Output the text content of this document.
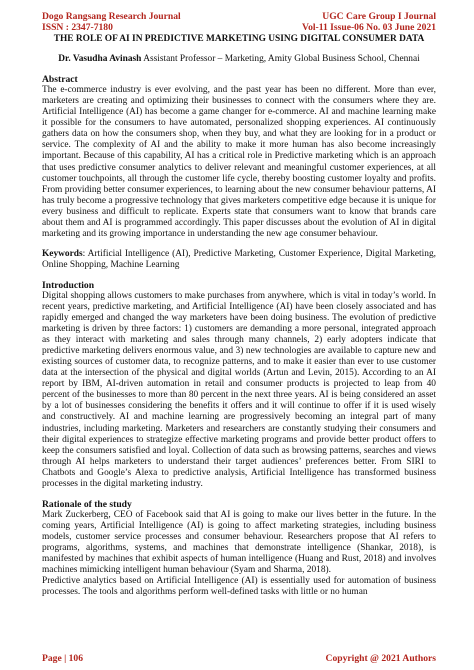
Dogo Rangsang Research Journal
ISSN : 2347-7180
UGC Care Group I Journal
Vol-11 Issue-06 No. 03 June 2021
THE ROLE OF AI IN PREDICTIVE MARKETING USING DIGITAL CONSUMER DATA
Dr. Vasudha Avinash Assistant Professor – Marketing, Amity Global Business School, Chennai
Abstract

The e-commerce industry is ever evolving, and the past year has been no different. More than ever, marketers are creating and optimizing their businesses to connect with the consumers where they are. Artificial Intelligence (AI) has become a game changer for e-commerce. AI and machine learning make it possible for the consumers to have automated, personalized shopping experiences. AI continuously gathers data on how the consumers shop, when they buy, and what they are looking for in a product or service. The complexity of AI and the ability to make it more human has also become increasingly important. Because of this capability, AI has a critical role in Predictive marketing which is an approach that uses predictive consumer analytics to deliver relevant and meaningful customer experiences, at all customer touchpoints, all through the customer life cycle, thereby boosting customer loyalty and profits. From providing better consumer experiences, to learning about the new consumer behaviour patterns, AI has truly become a progressive technology that gives marketers competitive edge because it is unique for every business and difficult to replicate. Experts state that consumers want to know that brands care about them and AI is programmed accordingly. This paper discusses about the evolution of AI in digital marketing and its growing importance in understanding the new age consumer behaviour.

Keywords: Artificial Intelligence (AI), Predictive Marketing, Customer Experience, Digital Marketing, Online Shopping, Machine Learning

Introduction

Digital shopping allows customers to make purchases from anywhere, which is vital in today’s world. In recent years, predictive marketing, and Artificial Intelligence (AI) have been closely associated and has rapidly emerged and changed the way marketers have been doing business. The evolution of predictive marketing is driven by three factors: 1) customers are demanding a more personal, integrated approach as they interact with marketing and sales through many channels, 2) early adopters indicate that predictive marketing delivers enormous value, and 3) new technologies are available to capture new and existing sources of customer data, to recognize patterns, and to make it easier than ever to use customer data at the intersection of the physical and digital worlds (Artun and Levin, 2015). According to an AI report by IBM, AI-driven automation in retail and consumer products is projected to leap from 40 percent of the businesses to more than 80 percent in the next three years. AI is being considered an asset by a lot of businesses considering the benefits it offers and it will continue to offer if it is used wisely and constructively. AI and machine learning are progressively becoming an integral part of many industries, including marketing. Marketers and researchers are constantly studying their consumers and their digital experiences to strategize effective marketing programs and provide better product offers to keep the consumers satisfied and loyal. Collection of data such as browsing patterns, searches and views through AI helps marketers to understand their target audiences’ preferences better. From SIRI to Chatbots and Google’s Alexa to predictive analysis, Artificial Intelligence has transformed business processes in the digital marketing industry.

Rationale of the study

Mark Zuckerberg, CEO of Facebook said that AI is going to make our lives better in the future. In the coming years, Artificial Intelligence (AI) is going to affect marketing strategies, including business models, customer service processes and consumer behaviour. Researchers propose that AI refers to programs, algorithms, systems, and machines that demonstrate intelligence (Shankar, 2018), is manifested by machines that exhibit aspects of human intelligence (Huang and Rust, 2018) and involves machines mimicking intelligent human behaviour (Syam and Sharma, 2018).

Predictive analytics based on Artificial Intelligence (AI) is essentially used for automation of business processes. The tools and algorithms perform well-defined tasks with little or no human

Page | 106	Copyright @ 2021 Authors
